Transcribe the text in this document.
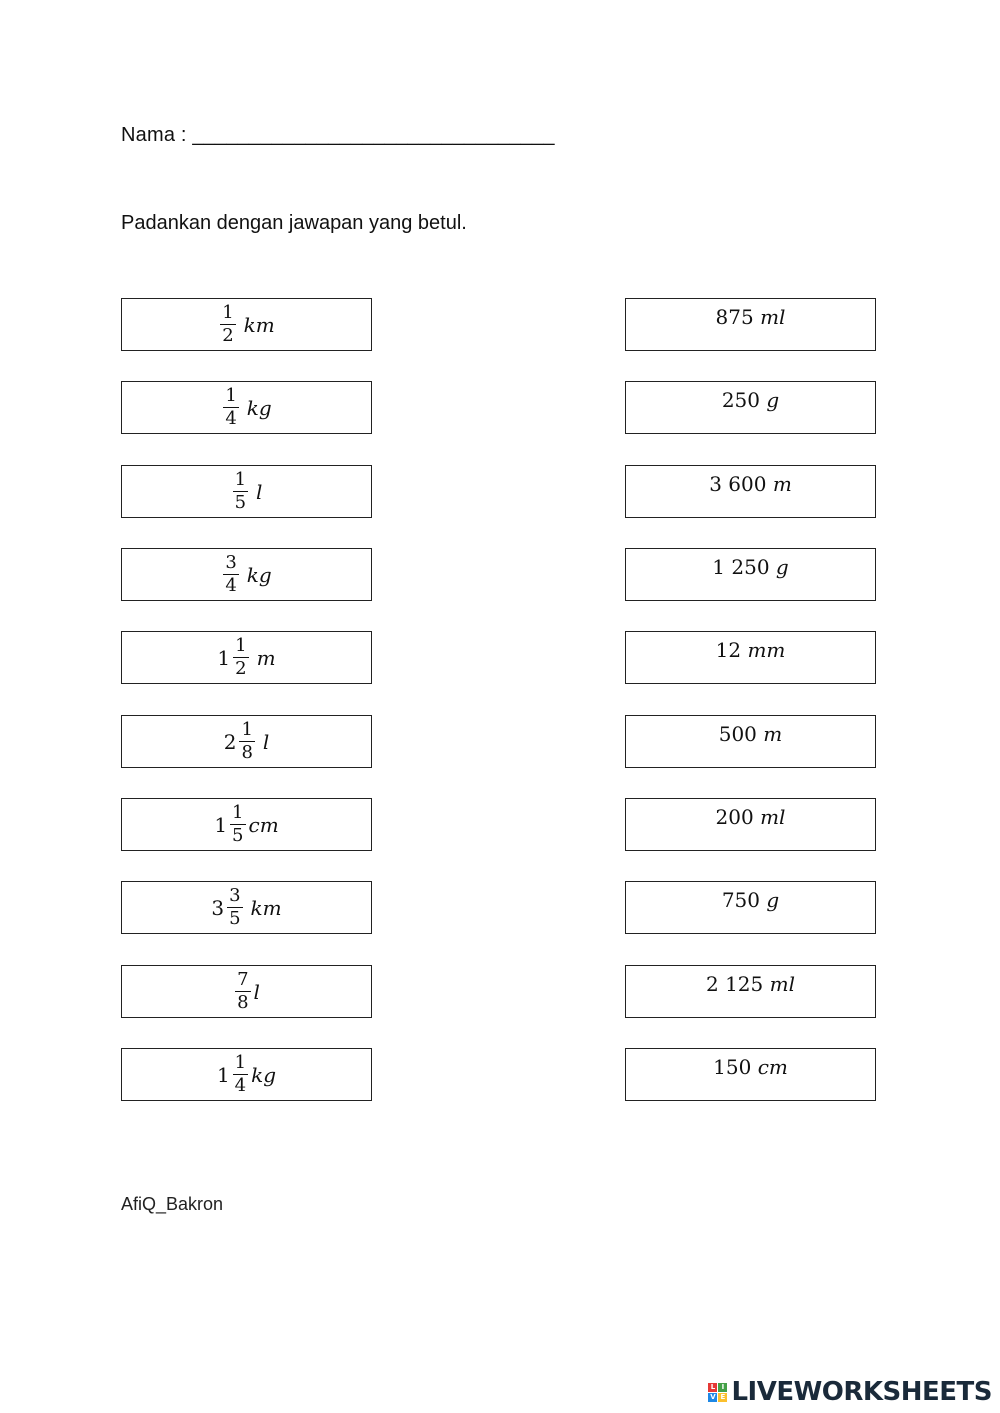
Nama : ________________________________
Padankan dengan jawapan yang betul.
$\frac{1}{2}$ km
$\frac{1}{4}$ kg
$\frac{1}{5}$ l
$\frac{3}{4}$ kg
$1 \frac{1}{2}$ m
$2 \frac{1}{8}$ l
$1 \frac{1}{5}$ cm
$3 \frac{3}{5}$ km
$\frac{7}{8}$ l
$1 \frac{1}{4}$ kg
875 ml
250 g
3 600 m
1 250 g
12 mm
500 m
200 ml
750 g
2 125 ml
150 cm
AfiQ_Bakron
L I
V E LIVEWORKSHEETS
